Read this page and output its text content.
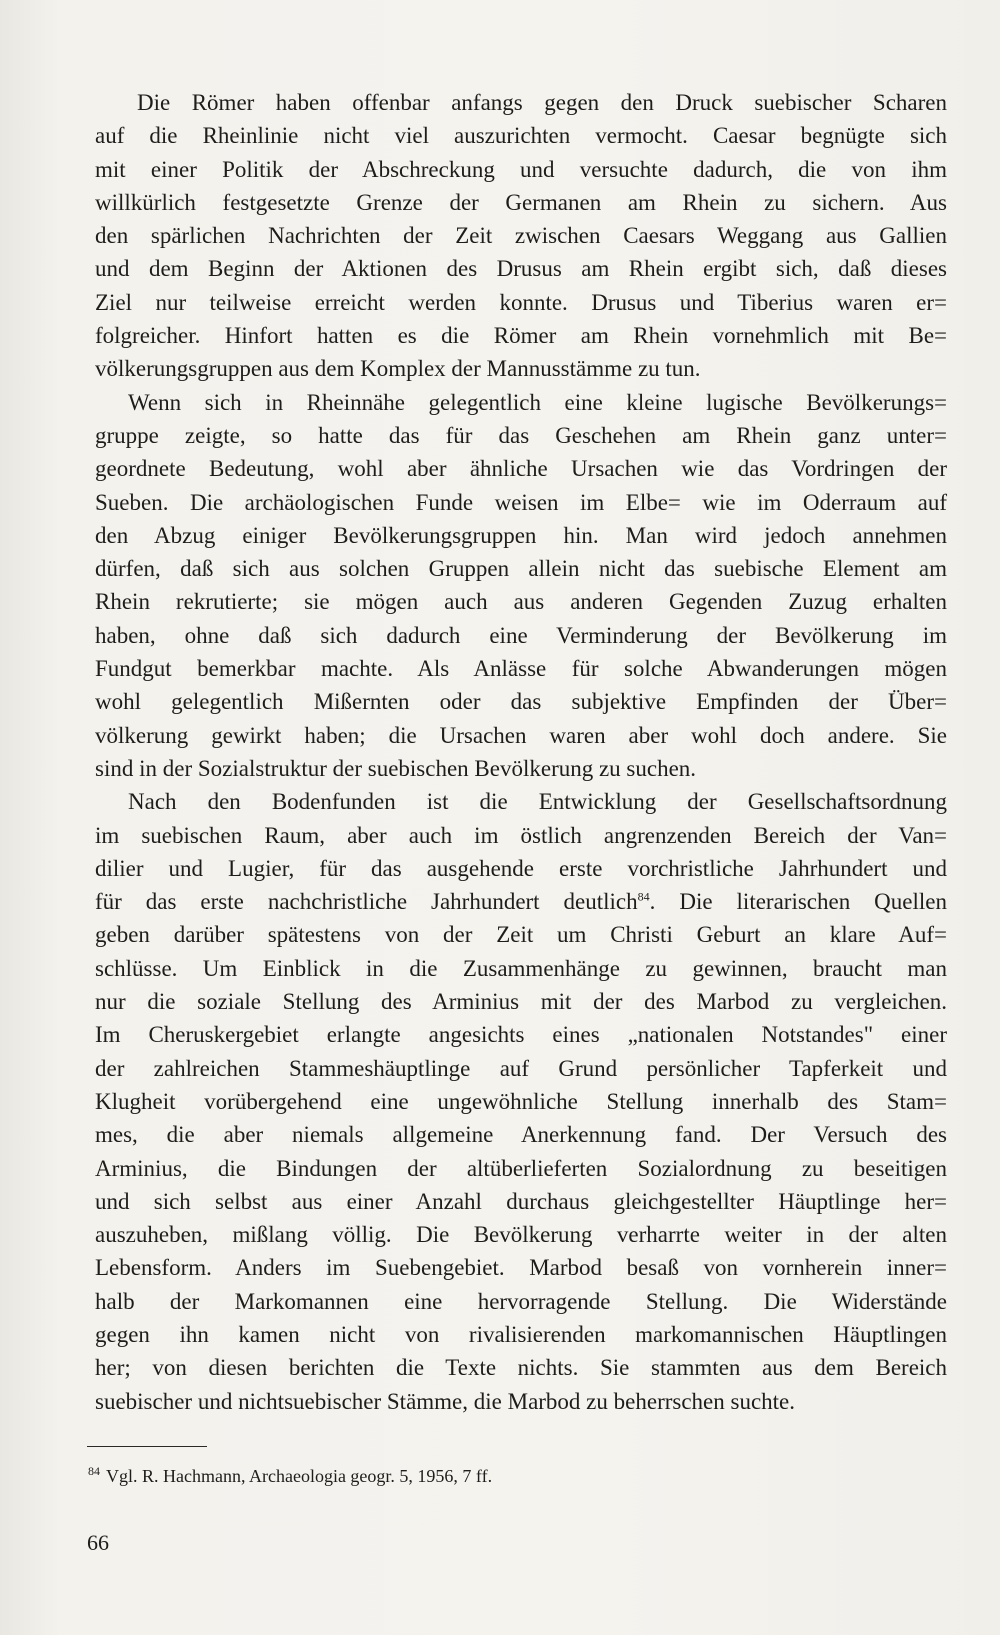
Die Römer haben offenbar anfangs gegen den Druck suebischer Scharen
auf die Rheinlinie nicht viel auszurichten vermocht. Caesar begnügte sich
mit einer Politik der Abschreckung und versuchte dadurch, die von ihm
willkürlich festgesetzte Grenze der Germanen am Rhein zu sichern. Aus
den spärlichen Nachrichten der Zeit zwischen Caesars Weggang aus Gallien
und dem Beginn der Aktionen des Drusus am Rhein ergibt sich, daß dieses
Ziel nur teilweise erreicht werden konnte. Drusus und Tiberius waren er=
folgreicher. Hinfort hatten es die Römer am Rhein vornehmlich mit Be=
völkerungsgruppen aus dem Komplex der Mannusstämme zu tun.

Wenn sich in Rheinnähe gelegentlich eine kleine lugische Bevölkerungs=
gruppe zeigte, so hatte das für das Geschehen am Rhein ganz unter=
geordnete Bedeutung, wohl aber ähnliche Ursachen wie das Vordringen der
Sueben. Die archäologischen Funde weisen im Elbe= wie im Oderraum auf
den Abzug einiger Bevölkerungsgruppen hin. Man wird jedoch annehmen
dürfen, daß sich aus solchen Gruppen allein nicht das suebische Element am
Rhein rekrutierte; sie mögen auch aus anderen Gegenden Zuzug erhalten
haben, ohne daß sich dadurch eine Verminderung der Bevölkerung im
Fundgut bemerkbar machte. Als Anlässe für solche Abwanderungen mögen
wohl gelegentlich Mißernten oder das subjektive Empfinden der Über=
völkerung gewirkt haben; die Ursachen waren aber wohl doch andere. Sie
sind in der Sozialstruktur der suebischen Bevölkerung zu suchen.

Nach den Bodenfunden ist die Entwicklung der Gesellschaftsordnung
im suebischen Raum, aber auch im östlich angrenzenden Bereich der Van=
dilier und Lugier, für das ausgehende erste vorchristliche Jahrhundert und
für das erste nachchristliche Jahrhundert deutlich$^{84}$. Die literarischen Quellen
geben darüber spätestens von der Zeit um Christi Geburt an klare Auf=
schlüsse. Um Einblick in die Zusammenhänge zu gewinnen, braucht man
nur die soziale Stellung des Arminius mit der des Marbod zu vergleichen.
Im Cheruskergebiet erlangte angesichts eines „nationalen Notstandes" einer
der zahlreichen Stammeshäuptlinge auf Grund persönlicher Tapferkeit und
Klugheit vorübergehend eine ungewöhnliche Stellung innerhalb des Stam=
mes, die aber niemals allgemeine Anerkennung fand. Der Versuch des
Arminius, die Bindungen der altüberlieferten Sozialordnung zu beseitigen
und sich selbst aus einer Anzahl durchaus gleichgestellter Häuptlinge her=
auszuheben, mißlang völlig. Die Bevölkerung verharrte weiter in der alten
Lebensform. Anders im Suebengebiet. Marbod besaß von vornherein inner=
halb der Markomannen eine hervorragende Stellung. Die Widerstände
gegen ihn kamen nicht von rivalisierenden markomannischen Häuptlingen
her; von diesen berichten die Texte nichts. Sie stammten aus dem Bereich
suebischer und nichtsuebischer Stämme, die Marbod zu beherrschen suchte.

$^{84}$ Vgl. R. Hachmann, Archaeologia geogr. 5, 1956, 7 ff.
66
